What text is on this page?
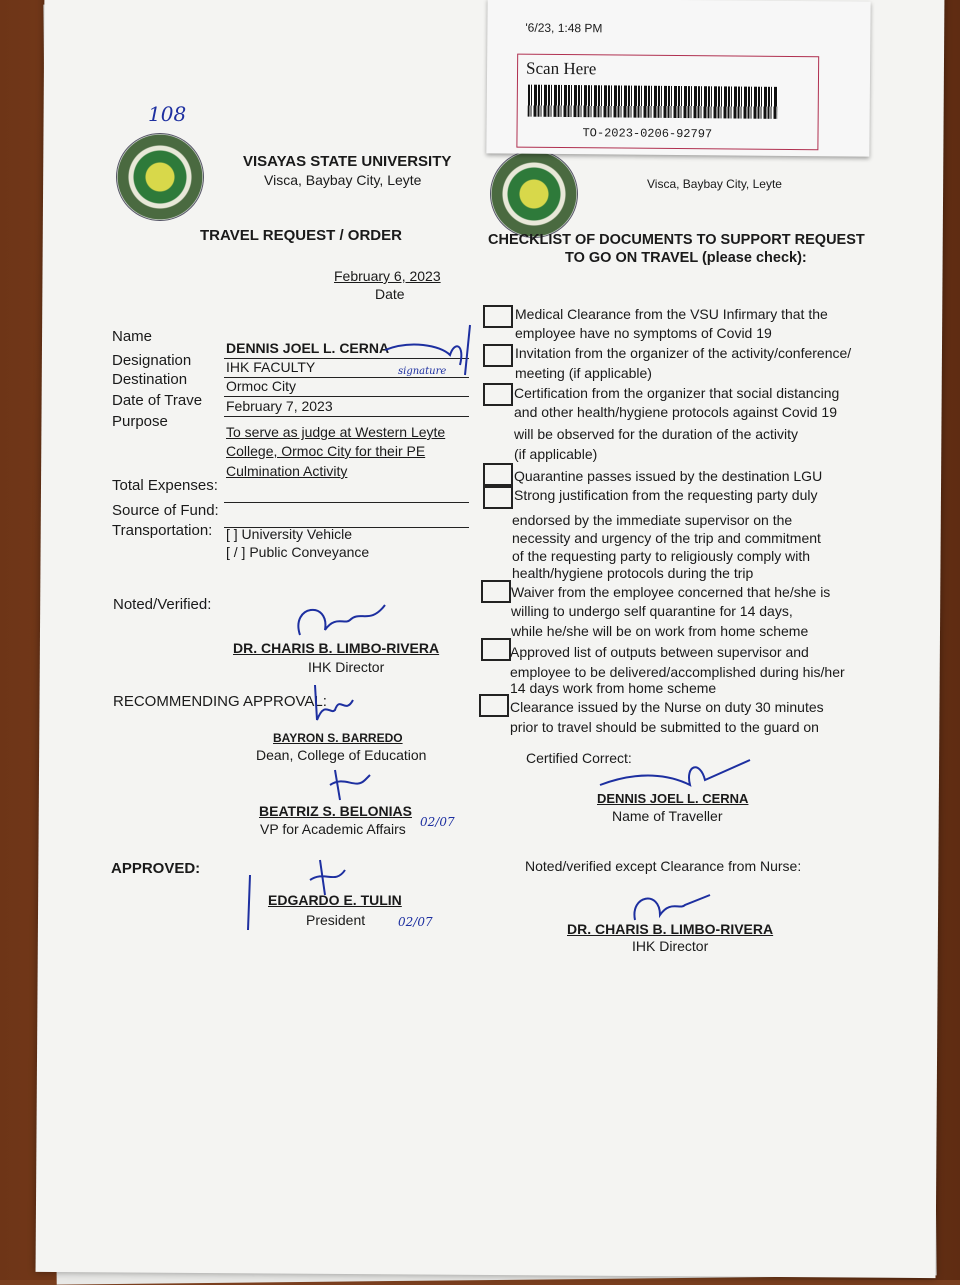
108
VISAYAS STATE UNIVERSITY
Visca, Baybay City, Leyte	Visca, Baybay City, Leyte
'6/23, 1:48 PM
Scan Here
TO-2023-0206-92797
TRAVEL REQUEST / ORDER
February 6, 2023
Date
Name
DENNIS JOEL L. CERNA
Designation IHK FACULTY
Destination	Ormoc City
Date of Trave February 7, 2023
Purpose
To serve as judge at Western Leyte
College, Ormoc City for their PE
Culmination Activity
Total Expenses:
Source of Fund:
Transportation: [ ] University Vehicle
[ / ] Public Conveyance
signature
Noted/Verified:
DR. CHARIS B. LIMBO-RIVERA
IHK Director
RECOMMENDING APPROVAL:
BAYRON S. BARREDO
Dean, College of Education
BEATRIZ S. BELONIAS
VP for Academic Affairs 02/07
APPROVED:
EDGARDO E. TULIN
President	02/07
CHECKLIST OF DOCUMENTS TO SUPPORT REQUEST
TO GO ON TRAVEL (please check):
Medical Clearance from the VSU Infirmary that the
employee have no symptoms of Covid 19
Invitation from the organizer of the activity/conference/
meeting (if applicable)
Certification from the organizer that social distancing
and other health/hygiene protocols against Covid 19
will be observed for the duration of the activity
(if applicable)
Quarantine passes issued by the destination LGU
Strong justification from the requesting party duly
endorsed by the immediate supervisor on the
necessity and urgency of the trip and commitment
of the requesting party to religiously comply with
health/hygiene protocols during the trip
Waiver from the employee concerned that he/she is
willing to undergo self quarantine for 14 days,
while he/she will be on work from home scheme
Approved list of outputs between supervisor and
employee to be delivered/accomplished during his/her
14 days work from home scheme
Clearance issued by the Nurse on duty 30 minutes
prior to travel should be submitted to the guard on
Certified Correct:
DENNIS JOEL L. CERNA
Name of Traveller
Noted/verified except Clearance from Nurse:
DR. CHARIS B. LIMBO-RIVERA
IHK Director
